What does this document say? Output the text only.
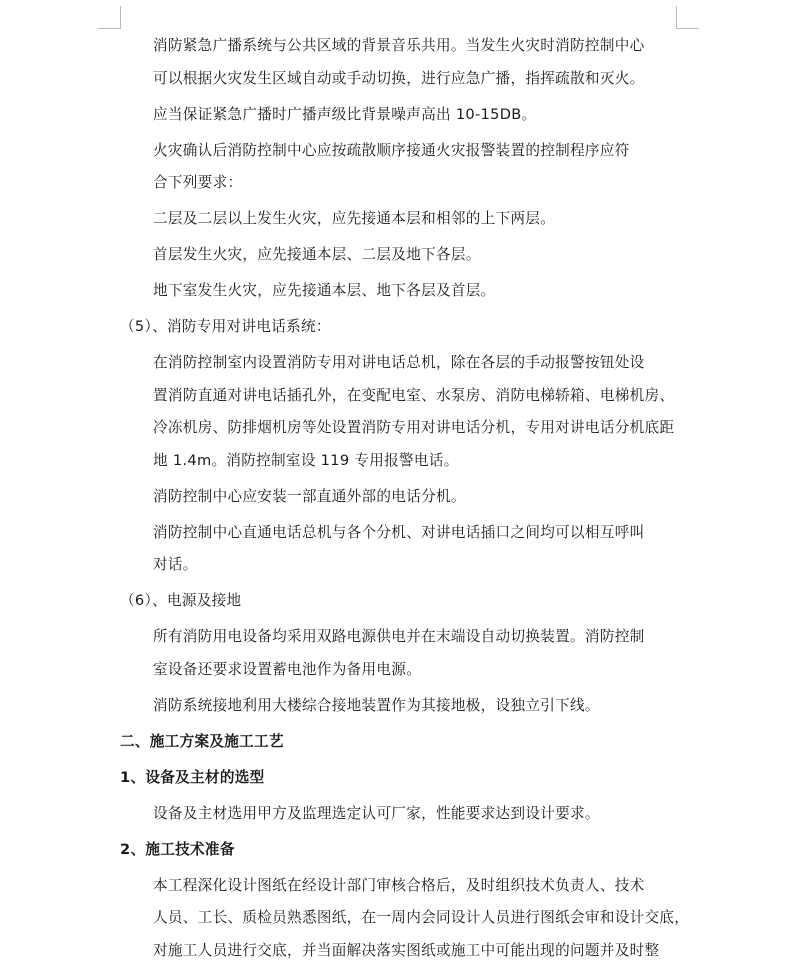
消防紧急广播系统与公共区域的背景音乐共用。当发生火灾时消防控制中心
可以根据火灾发生区域自动或手动切换，进行应急广播，指挥疏散和灭火。
应当保证紧急广播时广播声级比背景噪声高出 10-15DB。
火灾确认后消防控制中心应按疏散顺序接通火灾报警装置的控制程序应符
合下列要求：
二层及二层以上发生火灾，应先接通本层和相邻的上下两层。
首层发生火灾，应先接通本层、二层及地下各层。
地下室发生火灾，应先接通本层、地下各层及首层。
（5）、消防专用对讲电话系统：
在消防控制室内设置消防专用对讲电话总机，除在各层的手动报警按钮处设
置消防直通对讲电话插孔外，在变配电室、水泵房、消防电梯轿箱、电梯机房、
冷冻机房、防排烟机房等处设置消防专用对讲电话分机，专用对讲电话分机底距
地 1.4m。消防控制室设 119 专用报警电话。
消防控制中心应安装一部直通外部的电话分机。
消防控制中心直通电话总机与各个分机、对讲电话插口之间均可以相互呼叫
对话。
（6）、电源及接地
所有消防用电设备均采用双路电源供电并在末端设自动切换装置。消防控制
室设备还要求设置蓄电池作为备用电源。
消防系统接地利用大楼综合接地装置作为其接地极，设独立引下线。
二、施工方案及施工工艺
1、设备及主材的选型
设备及主材选用甲方及监理选定认可厂家，性能要求达到设计要求。
2、施工技术准备
本工程深化设计图纸在经设计部门审核合格后，及时组织技术负责人、技术
人员、工长、质检员熟悉图纸，在一周内会同设计人员进行图纸会审和设计交底，
对施工人员进行交底，并当面解决落实图纸或施工中可能出现的问题并及时整
